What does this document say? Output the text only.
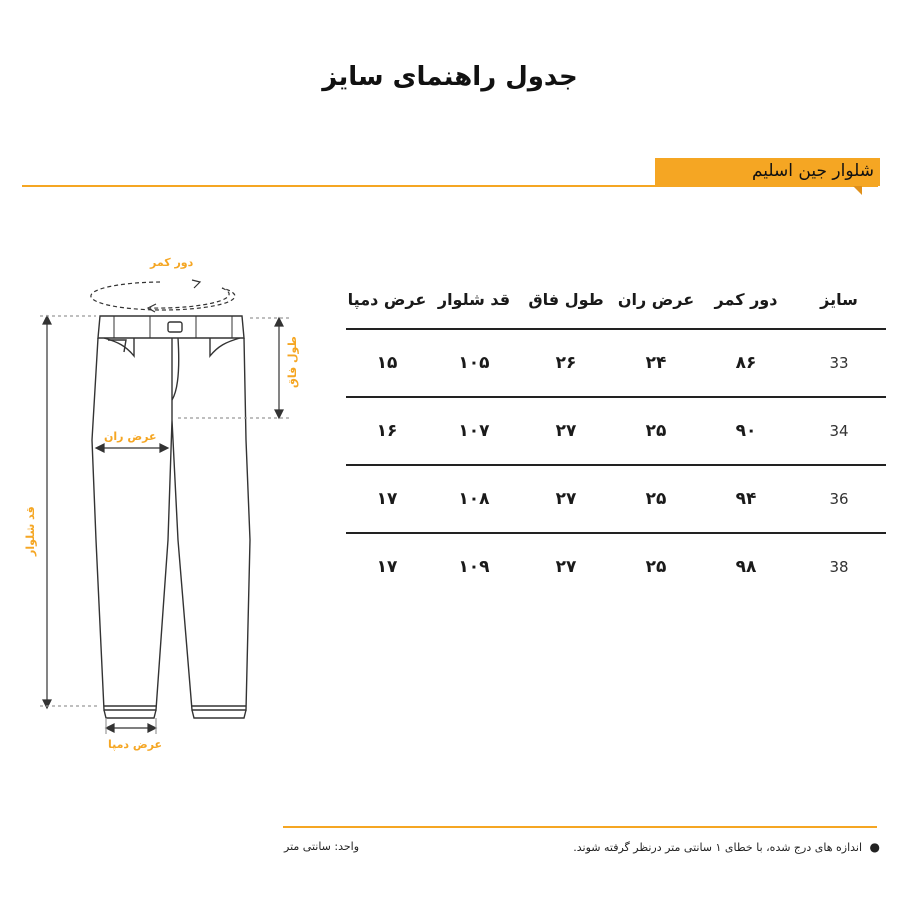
جدول راهنمای سایز
شلوار جین اسلیم
دور کمر
طول فاق
عرض ران
قد شلوار
عرض دمپا
سایز	دور کمر	عرض ران	طول فاق	قد شلوار	عرض دمپا
33	۸۶	۲۴	۲۶	۱۰۵	۱۵
34	۹۰	۲۵	۲۷	۱۰۷	۱۶
36	۹۴	۲۵	۲۷	۱۰۸	۱۷
38	۹۸	۲۵	۲۷	۱۰۹	۱۷
● اندازه های درج شده، با خطای ۱ سانتی متر درنظر گرفته شوند.
واحد: سانتی متر
